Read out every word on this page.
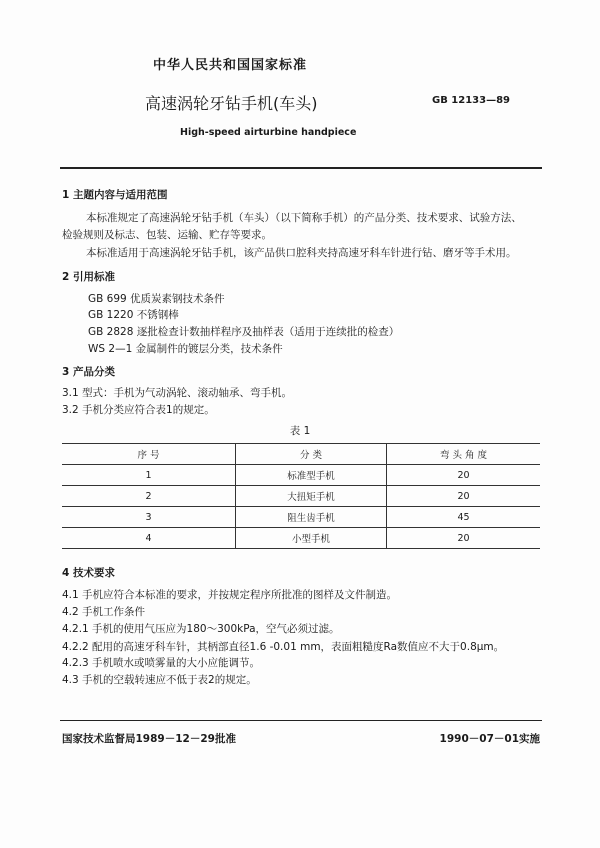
中华人民共和国国家标准
高速涡轮牙钻手机(车头)	GB 12133—89
High-speed airturbine handpiece
1 主题内容与适用范围
本标准规定了高速涡轮牙钻手机（车头）（以下简称手机）的产品分类、技术要求、试验方法、
检验规则及标志、包装、运输、贮存等要求。
本标准适用于高速涡轮牙钻手机，该产品供口腔科夹持高速牙科车针进行钻、磨牙等手术用。
2 引用标准
GB 699 优质炭素钢技术条件
GB 1220 不锈钢棒
GB 2828 逐批检查计数抽样程序及抽样表（适用于连续批的检查）
WS 2—1 金属制件的镀层分类，技术条件
3 产品分类
3.1 型式：手机为气动涡轮、滚动轴承、弯手机。
3.2 手机分类应符合表1的规定。
表 1
序 号	分 类	弯 头 角 度
1	标准型手机	20
2	大扭矩手机	20
3	阻生齿手机	45
4	小型手机	20
4 技术要求
4.1 手机应符合本标准的要求，并按规定程序所批准的图样及文件制造。
4.2 手机工作条件
4.2.1 手机的使用气压应为180～300kPa，空气必须过滤。
4.2.2 配用的高速牙科车针，其柄部直径1.6 -0.01 mm，表面粗糙度Ra数值应不大于0.8μm。
4.2.3 手机喷水或喷雾量的大小应能调节。
4.3 手机的空载转速应不低于表2的规定。
国家技术监督局1989－12－29批准	1990－07－01实施
